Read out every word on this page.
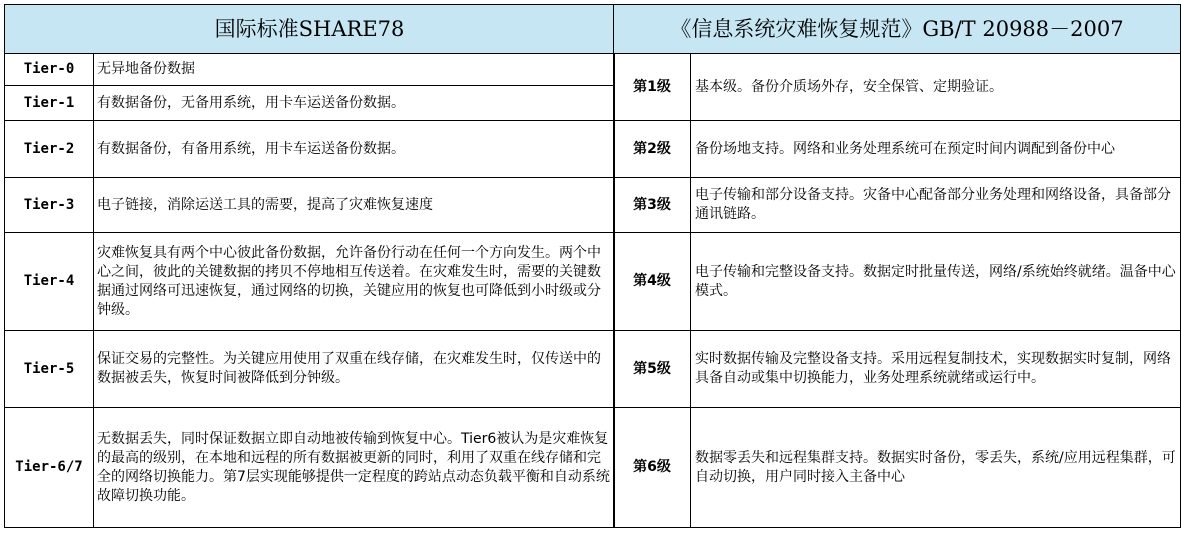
国际标准SHARE78	
Tier-0	无异地备份数据
Tier-1	有数据备份，无备用系统，用卡车运送备份数据。
Tier-2	有数据备份，有备用系统，用卡车运送备份数据。
Tier-3	电子链接，消除运送工具的需要，提高了灾难恢复速度
Tier-4	灾难恢复具有两个中心彼此备份数据，允许备份行动在任何一个方向发生。两个中心之间，彼此的关键数据的拷贝不停地相互传送着。在灾难发生时，需要的关键数据通过网络可迅速恢复，通过网络的切换，关键应用的恢复也可降低到小时级或分钟级。
Tier-5	保证交易的完整性。为关键应用使用了双重在线存储，在灾难发生时，仅传送中的数据被丢失，恢复时间被降低到分钟级。
Tier-6/7	无数据丢失，同时保证数据立即自动地被传输到恢复中心。Tier6被认为是灾难恢复的最高的级别，在本地和远程的所有数据被更新的同时，利用了双重在线存储和完全的网络切换能力。第7层实现能够提供一定程度的跨站点动态负载平衡和自动系统故障切换功能。
《信息系统灾难恢复规范》GB/T 20988－2007	
第1级	基本级。备份介质场外存，安全保管、定期验证。
第2级	备份场地支持。网络和业务处理系统可在预定时间内调配到备份中心
第3级	电子传输和部分设备支持。灾备中心配备部分业务处理和网络设备，具备部分通讯链路。
第4级	电子传输和完整设备支持。数据定时批量传送，网络/系统始终就绪。温备中心模式。
第5级	实时数据传输及完整设备支持。采用远程复制技术，实现数据实时复制，网络具备自动或集中切换能力，业务处理系统就绪或运行中。
第6级	数据零丢失和远程集群支持。数据实时备份，零丢失，系统/应用远程集群，可自动切换，用户同时接入主备中心
